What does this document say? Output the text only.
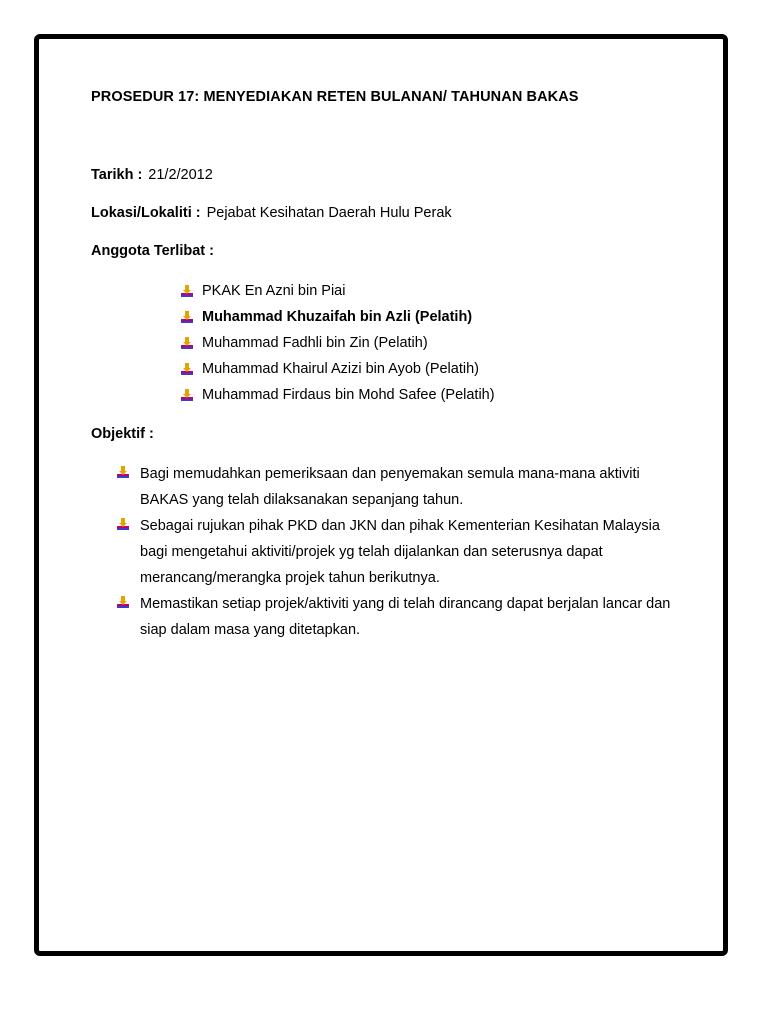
PROSEDUR 17: MENYEDIAKAN RETEN BULANAN/ TAHUNAN BAKAS
Tarikh : 21/2/2012
Lokasi/Lokaliti : Pejabat Kesihatan Daerah Hulu Perak
Anggota Terlibat :
PKAK En Azni bin Piai
Muhammad Khuzaifah bin Azli (Pelatih)
Muhammad Fadhli bin Zin (Pelatih)
Muhammad Khairul Azizi bin Ayob (Pelatih)
Muhammad Firdaus bin Mohd Safee (Pelatih)
Objektif :
Bagi memudahkan pemeriksaan dan penyemakan semula mana-mana aktiviti BAKAS yang telah dilaksanakan sepanjang tahun.
Sebagai rujukan pihak PKD dan JKN dan pihak Kementerian Kesihatan Malaysia bagi mengetahui aktiviti/projek yg telah dijalankan dan seterusnya dapat merancang/merangka projek tahun berikutnya.
Memastikan setiap projek/aktiviti yang di telah dirancang dapat berjalan lancar dan siap dalam masa yang ditetapkan.
